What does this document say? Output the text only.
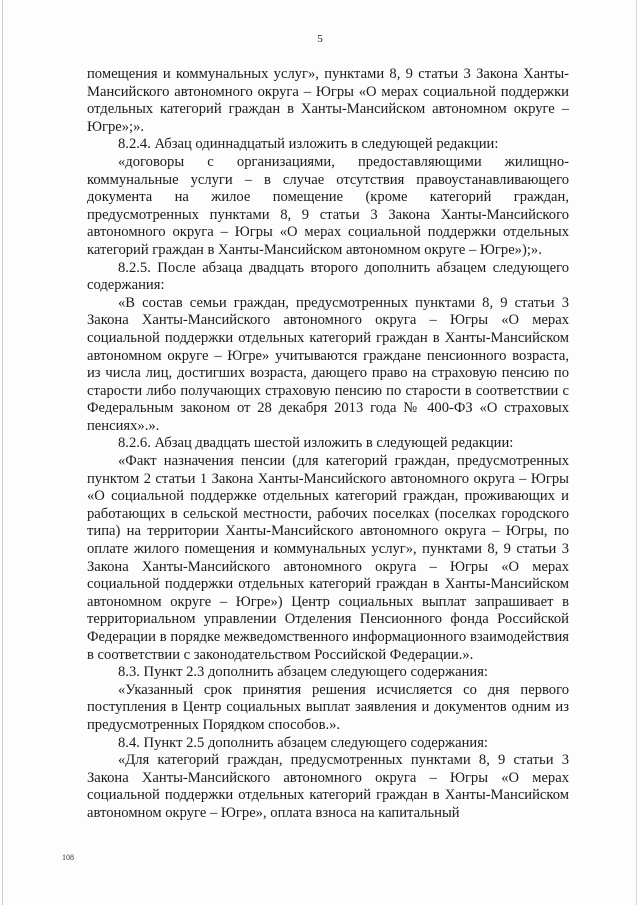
5

помещения и коммунальных услуг», пунктами 8, 9 статьи 3 Закона Ханты-Мансийского автономного округа – Югры «О мерах социальной поддержки отдельных категорий граждан в Ханты-Мансийском автономном округе – Югре»;».

8.2.4. Абзац одиннадцатый изложить в следующей редакции:

«договоры с организациями, предоставляющими жилищно-коммунальные услуги – в случае отсутствия правоустанавливающего документа на жилое помещение (кроме категорий граждан, предусмотренных пунктами 8, 9 статьи 3 Закона Ханты-Мансийского автономного округа – Югры «О мерах социальной поддержки отдельных категорий граждан в Ханты-Мансийском автономном округе – Югре»);».

8.2.5. После абзаца двадцать второго дополнить абзацем следующего содержания:

«В состав семьи граждан, предусмотренных пунктами 8, 9 статьи 3 Закона Ханты-Мансийского автономного округа – Югры «О мерах социальной поддержки отдельных категорий граждан в Ханты-Мансийском автономном округе – Югре» учитываются граждане пенсионного возраста, из числа лиц, достигших возраста, дающего право на страховую пенсию по старости либо получающих страховую пенсию по старости в соответствии с Федеральным законом от 28 декабря 2013 года № 400-ФЗ «О страховых пенсиях».».

8.2.6. Абзац двадцать шестой изложить в следующей редакции:

«Факт назначения пенсии (для категорий граждан, предусмотренных пунктом 2 статьи 1 Закона Ханты-Мансийского автономного округа – Югры «О социальной поддержке отдельных категорий граждан, проживающих и работающих в сельской местности, рабочих поселках (поселках городского типа) на территории Ханты-Мансийского автономного округа – Югры, по оплате жилого помещения и коммунальных услуг», пунктами 8, 9 статьи 3 Закона Ханты-Мансийского автономного округа – Югры «О мерах социальной поддержки отдельных категорий граждан в Ханты-Мансийском автономном округе – Югре») Центр социальных выплат запрашивает в территориальном управлении Отделения Пенсионного фонда Российской Федерации в порядке межведомственного информационного взаимодействия в соответствии с законодательством Российской Федерации.».

8.3. Пункт 2.3 дополнить абзацем следующего содержания:

«Указанный срок принятия решения исчисляется со дня первого поступления в Центр социальных выплат заявления и документов одним из предусмотренных Порядком способов.».

8.4. Пункт 2.5 дополнить абзацем следующего содержания:

«Для категорий граждан, предусмотренных пунктами 8, 9 статьи 3 Закона Ханты-Мансийского автономного округа – Югры «О мерах социальной поддержки отдельных категорий граждан в Ханты-Мансийском автономном округе – Югре», оплата взноса на капитальный

108
